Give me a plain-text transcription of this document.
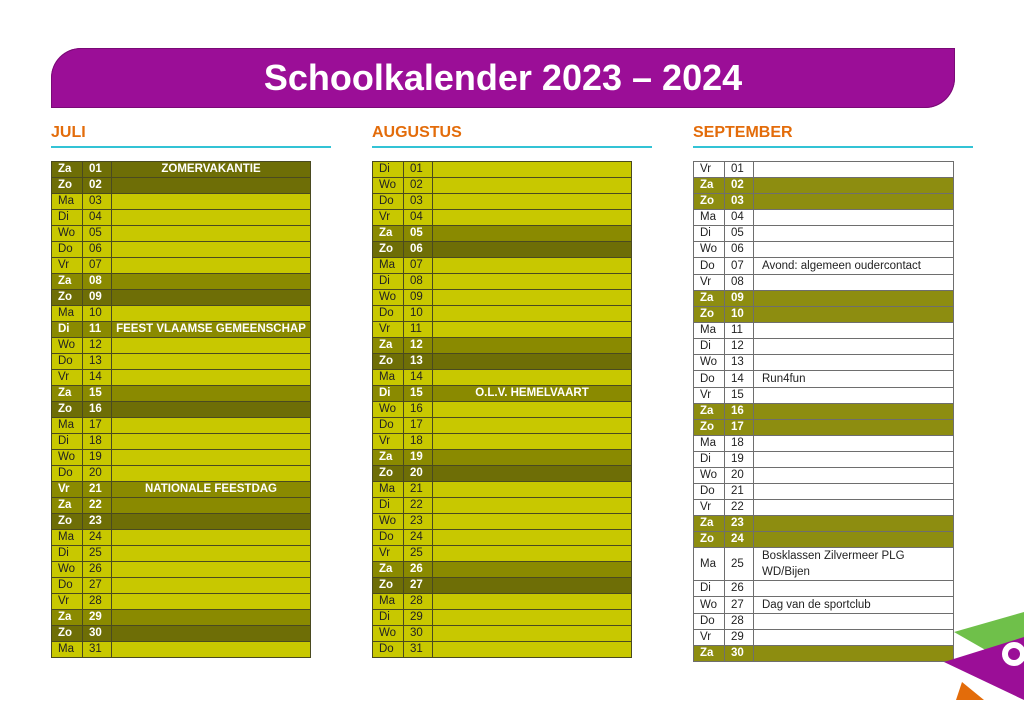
Schoolkalender 2023 – 2024
JULI	AUGUSTUS	SEPTEMBER
Za	01	ZOMERVAKANTIE
Zo	02	
Ma	03	
Di	04	
Wo	05	
Do	06	
Vr	07	
Za	08	
Zo	09	
Ma	10	
Di	11	FEEST VLAAMSE GEMEENSCHAP
Wo	12	
Do	13	
Vr	14	
Za	15	
Zo	16	
Ma	17	
Di	18	
Wo	19	
Do	20	
Vr	21	NATIONALE FEESTDAG
Za	22	
Zo	23	
Ma	24	
Di	25	
Wo	26	
Do	27	
Vr	28	
Za	29	
Zo	30	
Ma	31	
Di	01	
Wo	02	
Do	03	
Vr	04	
Za	05	
Zo	06	
Ma	07	
Di	08	
Wo	09	
Do	10	
Vr	11	
Za	12	
Zo	13	
Ma	14	
Di	15	O.L.V. HEMELVAART
Wo	16	
Do	17	
Vr	18	
Za	19	
Zo	20	
Ma	21	
Di	22	
Wo	23	
Do	24	
Vr	25	
Za	26	
Zo	27	
Ma	28	
Di	29	
Wo	30	
Do	31	
Vr	01	
Za	02	
Zo	03	
Ma	04	
Di	05	
Wo	06	
Do	07	Avond: algemeen oudercontact
Vr	08	
Za	09	
Zo	10	
Ma	11	
Di	12	
Wo	13	
Do	14	Run4fun
Vr	15	
Za	16	
Zo	17	
Ma	18	
Di	19	
Wo	20	
Do	21	
Vr	22	
Za	23	
Zo	24	
Ma	25	Bosklassen Zilvermeer PLG WD/Bijen
Di	26	
Wo	27	Dag van de sportclub
Do	28	
Vr	29	
Za	30	
